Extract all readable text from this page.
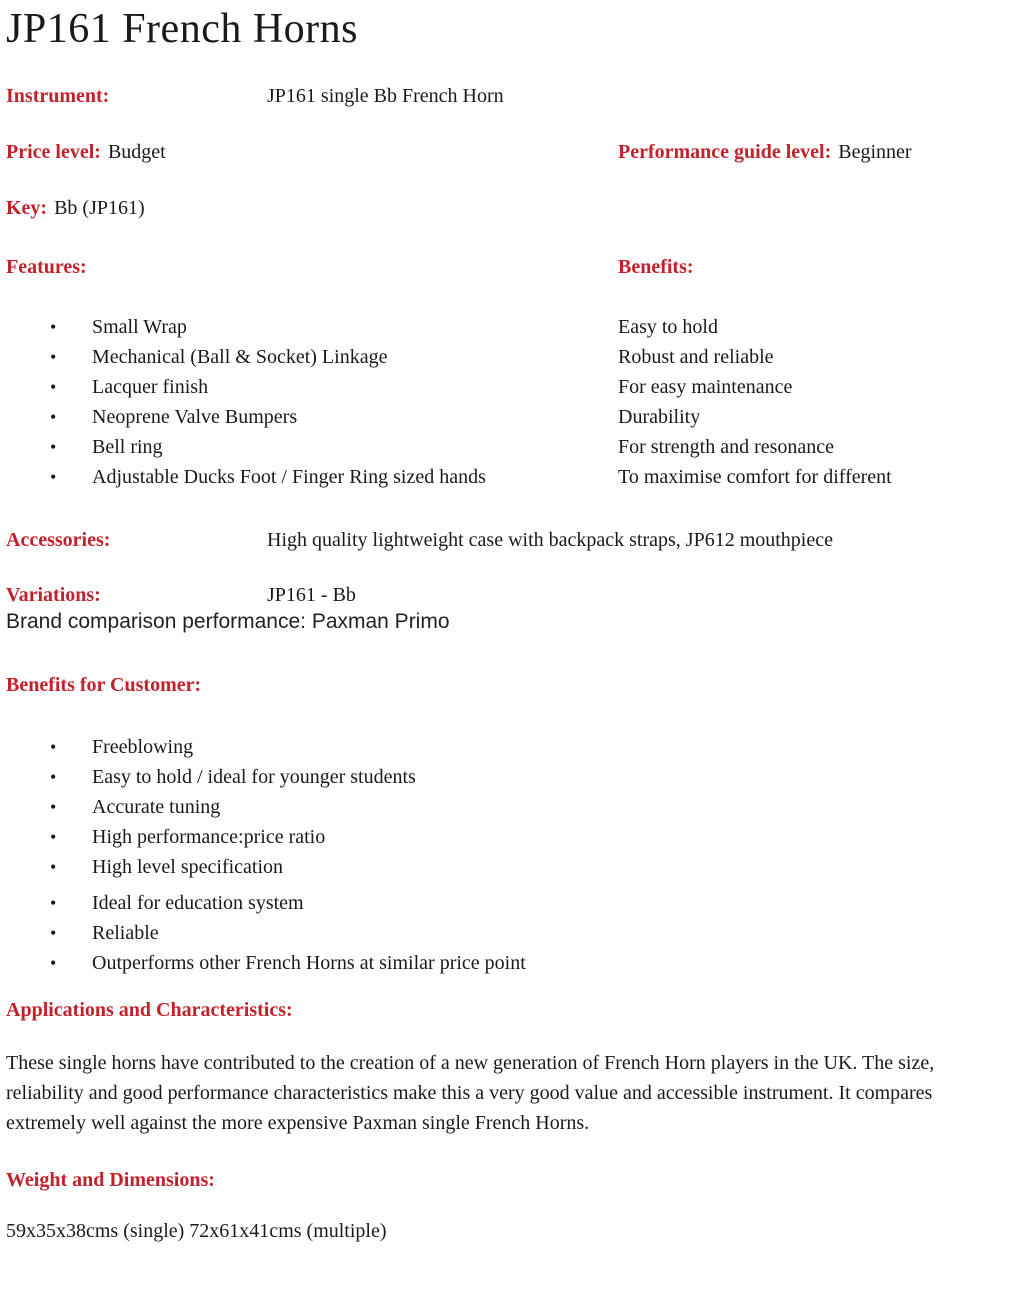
JP161 French Horns
Instrument:	JP161 single Bb French Horn
Price level: Budget	Performance guide level: Beginner
Key: Bb (JP161)
Features:	Benefits:
• Small Wrap	Easy to hold
• Mechanical (Ball & Socket) Linkage	Robust and reliable
• Lacquer finish	For easy maintenance
• Neoprene Valve Bumpers	Durability
• Bell ring	For strength and resonance
• Adjustable Ducks Foot / Finger Ring sized hands	To maximise comfort for different
Accessories:	High quality lightweight case with backpack straps, JP612 mouthpiece
Variations:	JP161 - Bb
Brand comparison performance: Paxman Primo
Benefits for Customer:
• Freeblowing
• Easy to hold / ideal for younger students
• Accurate tuning
• High performance:price ratio
• High level specification
• Ideal for education system
• Reliable
• Outperforms other French Horns at similar price point
Applications and Characteristics:

These single horns have contributed to the creation of a new generation of French Horn players in the UK. The size, reliability and good performance characteristics make this a very good value and accessible instrument. It compares extremely well against the more expensive Paxman single French Horns.

Weight and Dimensions:
59x35x38cms (single) 72x61x41cms (multiple)
